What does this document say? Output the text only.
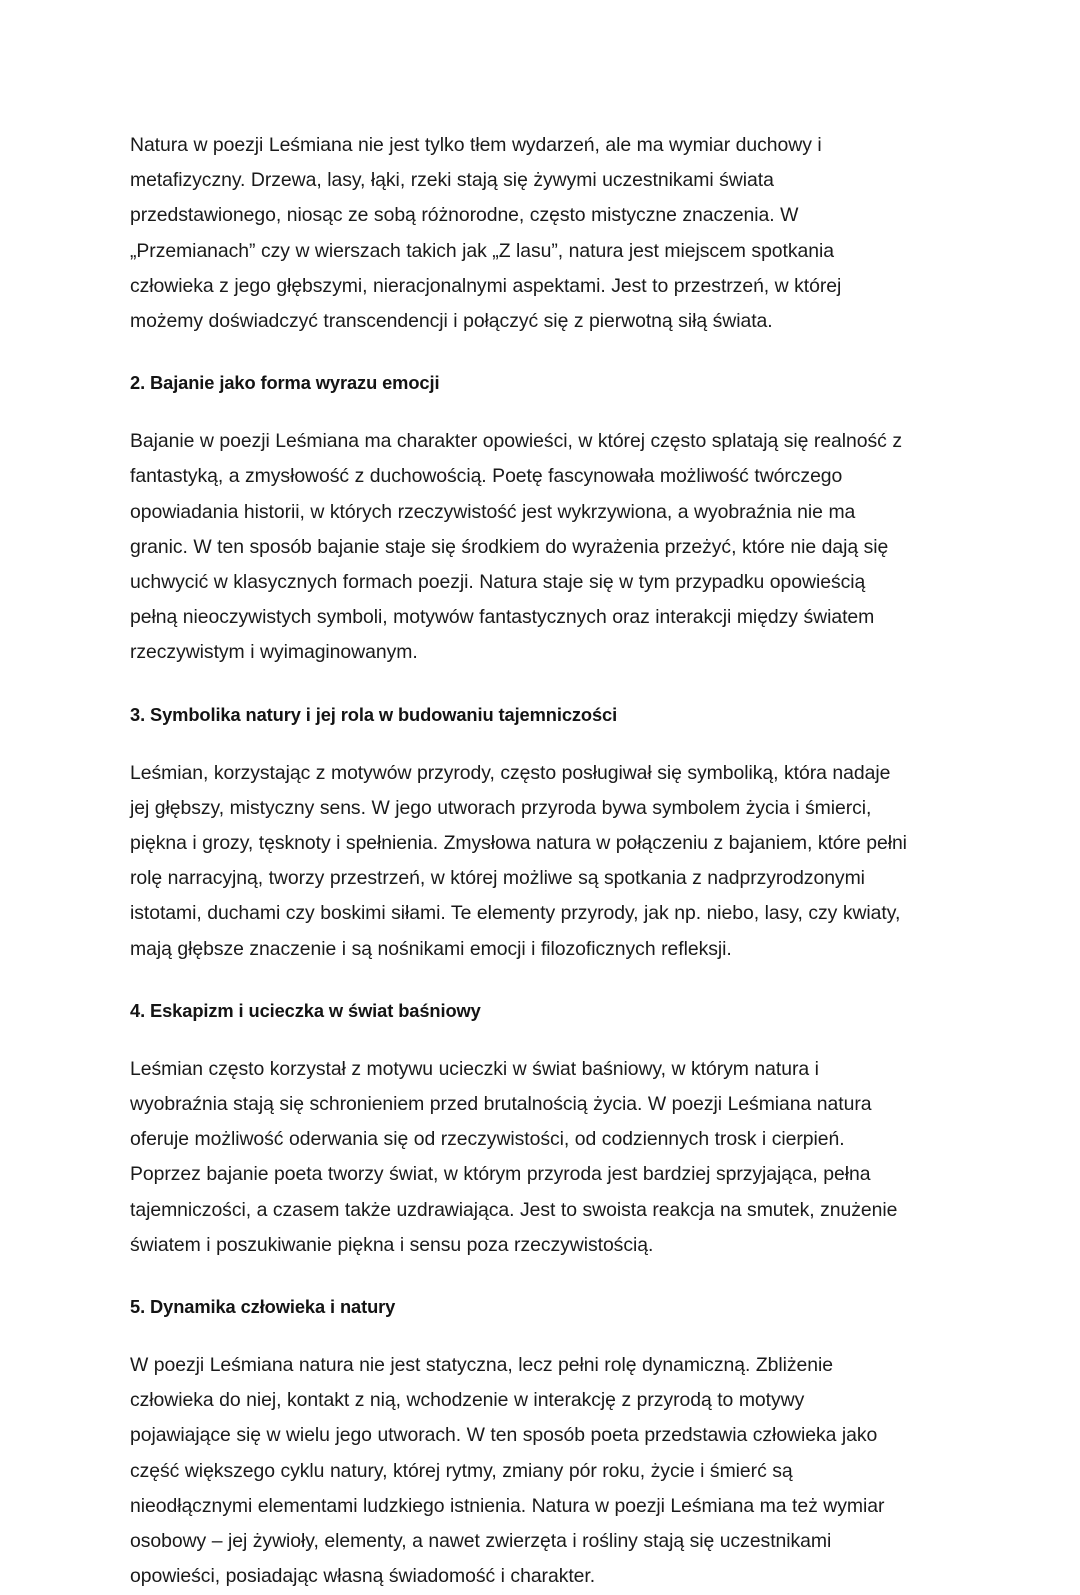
Natura w poezji Leśmiana nie jest tylko tłem wydarzeń, ale ma wymiar duchowy i metafizyczny. Drzewa, lasy, łąki, rzeki stają się żywymi uczestnikami świata przedstawionego, niosąc ze sobą różnorodne, często mistyczne znaczenia. W „Przemianach” czy w wierszach takich jak „Z lasu”, natura jest miejscem spotkania człowieka z jego głębszymi, nieracjonalnymi aspektami. Jest to przestrzeń, w której możemy doświadczyć transcendencji i połączyć się z pierwotną siłą świata.

2. Bajanie jako forma wyrazu emocji

Bajanie w poezji Leśmiana ma charakter opowieści, w której często splatają się realność z fantastyką, a zmysłowość z duchowością. Poetę fascynowała możliwość twórczego opowiadania historii, w których rzeczywistość jest wykrzywiona, a wyobraźnia nie ma granic. W ten sposób bajanie staje się środkiem do wyrażenia przeżyć, które nie dają się uchwycić w klasycznych formach poezji. Natura staje się w tym przypadku opowieścią pełną nieoczywistych symboli, motywów fantastycznych oraz interakcji między światem rzeczywistym i wyimaginowanym.

3. Symbolika natury i jej rola w budowaniu tajemniczości

Leśmian, korzystając z motywów przyrody, często posługiwał się symboliką, która nadaje jej głębszy, mistyczny sens. W jego utworach przyroda bywa symbolem życia i śmierci, piękna i grozy, tęsknoty i spełnienia. Zmysłowa natura w połączeniu z bajaniem, które pełni rolę narracyjną, tworzy przestrzeń, w której możliwe są spotkania z nadprzyrodzonymi istotami, duchami czy boskimi siłami. Te elementy przyrody, jak np. niebo, lasy, czy kwiaty, mają głębsze znaczenie i są nośnikami emocji i filozoficznych refleksji.

4. Eskapizm i ucieczka w świat baśniowy

Leśmian często korzystał z motywu ucieczki w świat baśniowy, w którym natura i wyobraźnia stają się schronieniem przed brutalnością życia. W poezji Leśmiana natura oferuje możliwość oderwania się od rzeczywistości, od codziennych trosk i cierpień. Poprzez bajanie poeta tworzy świat, w którym przyroda jest bardziej sprzyjająca, pełna tajemniczości, a czasem także uzdrawiająca. Jest to swoista reakcja na smutek, znużenie światem i poszukiwanie piękna i sensu poza rzeczywistością.

5. Dynamika człowieka i natury

W poezji Leśmiana natura nie jest statyczna, lecz pełni rolę dynamiczną. Zbliżenie człowieka do niej, kontakt z nią, wchodzenie w interakcję z przyrodą to motywy pojawiające się w wielu jego utworach. W ten sposób poeta przedstawia człowieka jako część większego cyklu natury, której rytmy, zmiany pór roku, życie i śmierć są nieodłącznymi elementami ludzkiego istnienia. Natura w poezji Leśmiana ma też wymiar osobowy – jej żywioły, elementy, a nawet zwierzęta i rośliny stają się uczestnikami opowieści, posiadając własną świadomość i charakter.
